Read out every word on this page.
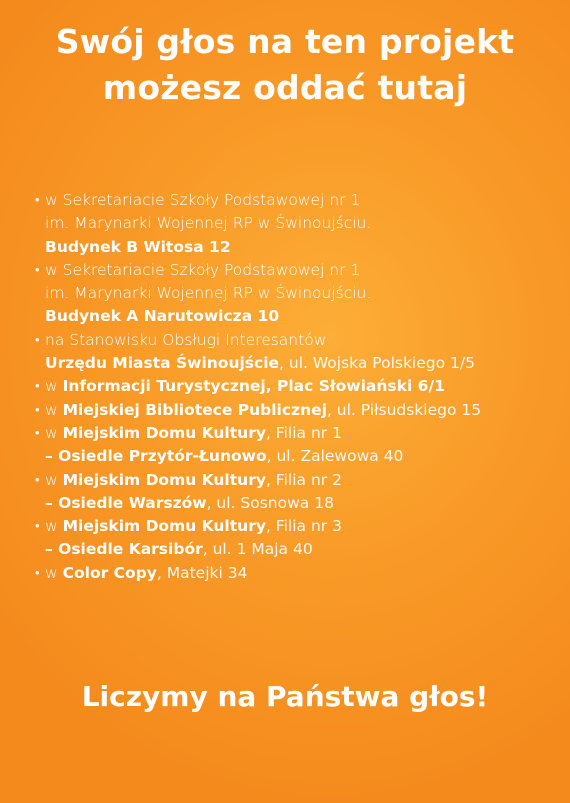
Swój głos na ten projekt
możesz oddać tutaj
• w Sekretariacie Szkoły Podstawowej nr 1
im. Marynarki Wojennej RP w Świnoujściu.
Budynek B Witosa 12
• w Sekretariacie Szkoły Podstawowej nr 1
im. Marynarki Wojennej RP w Świnoujściu.
Budynek A Narutowicza 10
• na Stanowisku Obsługi Interesantów
Urzędu Miasta Świnoujście , ul. Wojska Polskiego 1/5
• w Informacji Turystycznej, Plac Słowiański 6/1
• w Miejskiej Bibliotece Publicznej , ul. Piłsudskiego 15
• w Miejskim Domu Kultury , Filia nr 1
– Osiedle Przytór-Łunowo , ul. Zalewowa 40
• w Miejskim Domu Kultury , Filia nr 2
– Osiedle Warszów , ul. Sosnowa 18
• w Miejskim Domu Kultury , Filia nr 3
– Osiedle Karsibór , ul. 1 Maja 40
• w Color Copy , Matejki 34
Liczymy na Państwa głos!
